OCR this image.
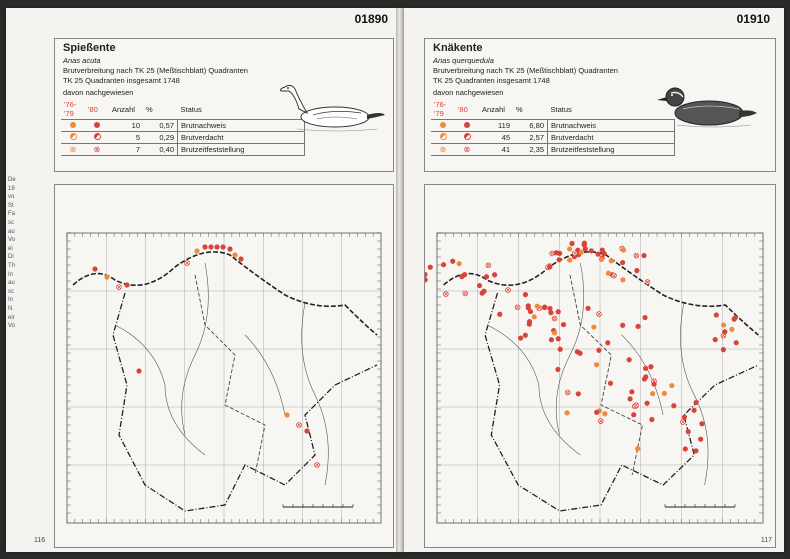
01890
Spießente
Anas acuta
Brutverbreitung nach TK 25 (Meßtischblatt) Quadranten
TK 25 Quadranten insgesamt 1748
davon nachgewiesen
'76-'79	'80	Anzahl	%	Status
		10	0,57	Brutnachweis
		5	0,29	Brutverdacht
⊗	⊗	7	0,40	Brutzeitfeststellung
116
De
19
vo
St
Fa
sc
au
Vo
ei
Di
Th
In
au
sc
In
N
eir
Vo
01910
Knäkente
Anas querquedula
Brutverbreitung nach TK 25 (Meßtischblatt) Quadranten
TK 25 Quadranten insgesamt 1748
davon nachgewiesen
'76-'79	'80	Anzahl	%	Status
		119	6,80	Brutnachweis
		45	2,57	Brutverdacht
⊗	⊗	41	2,35	Brutzeitfeststellung
117
